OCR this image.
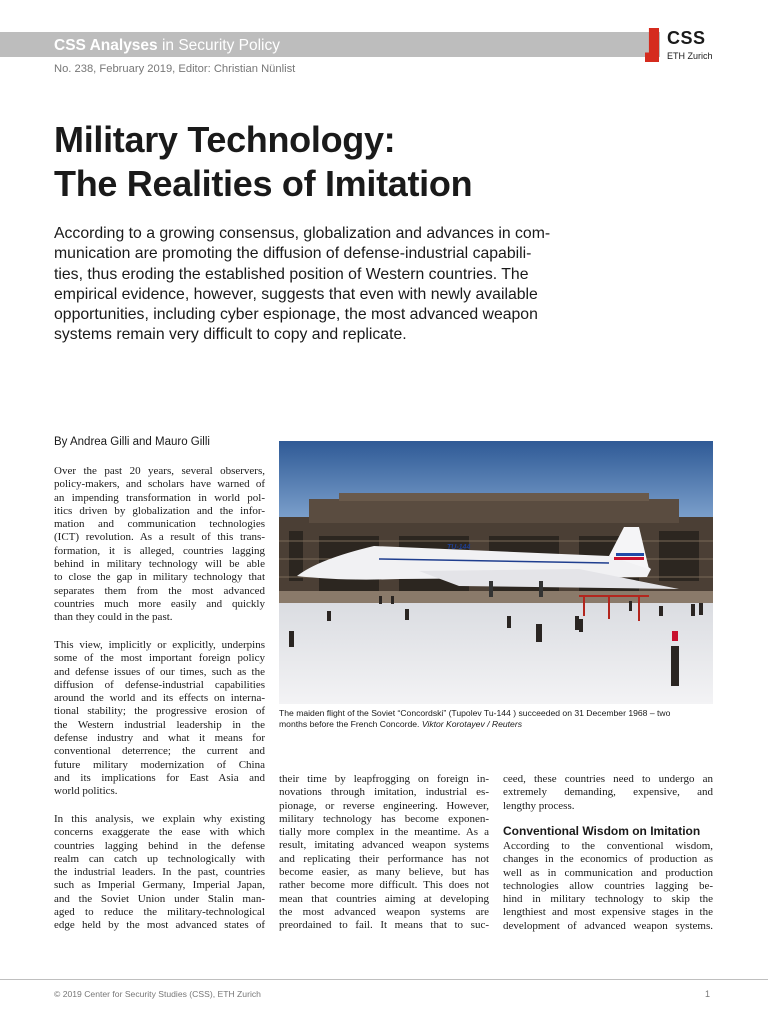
CSS Analyses in Security Policy
No. 238, February 2019, Editor: Christian Nünlist
CSS
ETH Zurich
Military Technology:
The Realities of Imitation
According to a growing consensus, globalization and advances in com-
munication are promoting the diffusion of defense-industrial capabili-
ties, thus eroding the established position of Western countries. The
empirical evidence, however, suggests that even with newly available
opportunities, including cyber espionage, the most advanced weapon
systems remain very difficult to copy and replicate.
By Andrea Gilli and Mauro Gilli
Over the past 20 years, several observers,
policy-makers, and scholars have warned of
an impending transformation in world pol-
itics driven by globalization and the infor-
mation and communication technologies
(ICT) revolution. As a result of this trans-
formation, it is alleged, countries lagging
behind in military technology will be able
to close the gap in military technology that
separates them from the most advanced
countries much more easily and quickly
than they could in the past.
This view, implicitly or explicitly, underpins
some of the most important foreign policy
and defense issues of our times, such as the
diffusion of defense-industrial capabilities
around the world and its effects on interna-
tional stability; the progressive erosion of
the Western industrial leadership in the
defense industry and what it means for
conventional deterrence; the current and
future military modernization of China
and its implications for East Asia and
world politics.
In this analysis, we explain why existing
concerns exaggerate the ease with which
countries lagging behind in the defense
realm can catch up technologically with
the industrial leaders. In the past, countries
such as Imperial Germany, Imperial Japan,
and the Soviet Union under Stalin man-
aged to reduce the military-technological
edge held by the most advanced states of
TU-144
The maiden flight of the Soviet “Concordski” (Tupolev Tu-144 ) succeeded on 31 December 1968 – two
months before the French Concorde. Viktor Korotayev / Reuters
their time by leapfrogging on foreign in-
novations through imitation, industrial es-
pionage, or reverse engineering. However,
military technology has become exponen-
tially more complex in the meantime. As a
result, imitating advanced weapon systems
and replicating their performance has not
become easier, as many believe, but has
rather become more difficult. This does not
mean that countries aiming at developing
the most advanced weapon systems are
preordained to fail. It means that to suc-
ceed, these countries need to undergo an
extremely demanding, expensive, and
lengthy process.
Conventional Wisdom on Imitation
According to the conventional wisdom,
changes in the economics of production as
well as in communication and production
technologies allow countries lagging be-
hind in military technology to skip the
lengthiest and most expensive stages in the
development of advanced weapon systems.
© 2019 Center for Security Studies (CSS), ETH Zurich	1
